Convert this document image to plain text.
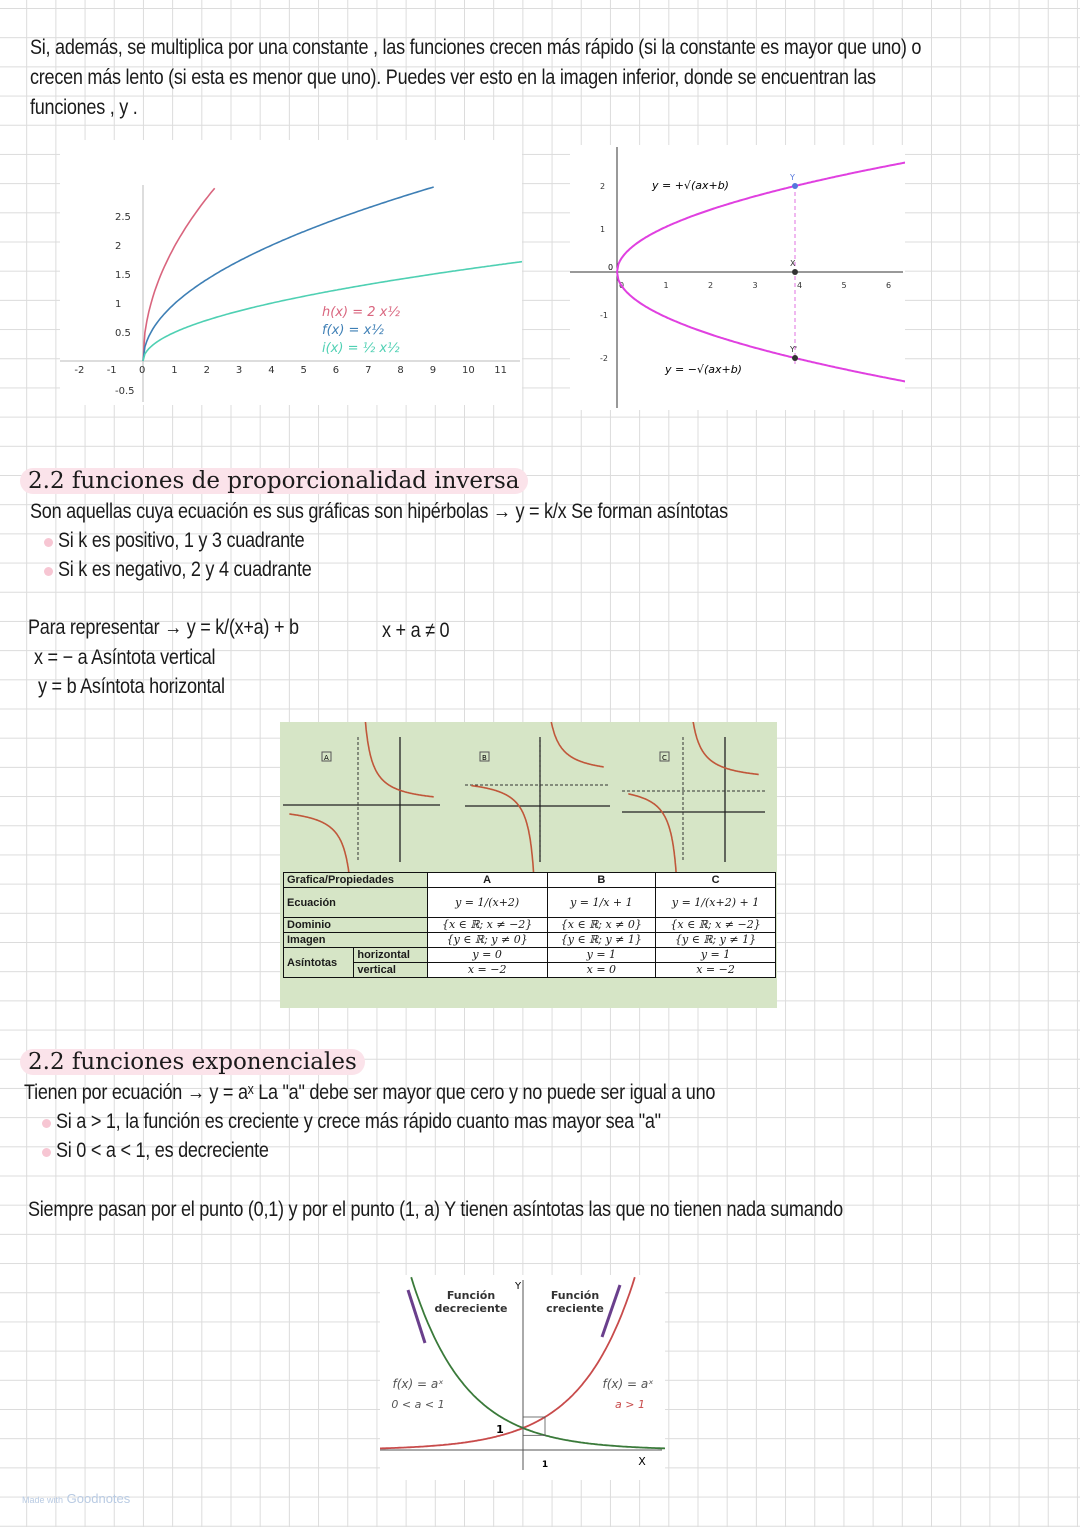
Si, además, se multiplica por una constante , las funciones crecen más rápido (si la constante es mayor que uno) o
crecen más lento (si esta es menor que uno). Puedes ver esto en la imagen inferior, donde se encuentran las
funciones , y .
-2 -1 0	1	2	3	4	5	6	7	8	9	10 11
2.5
2
1.5
1
0.5
-0.5
h(x) = 2 x½
f(x) = x½
i(x) = ½ x½
0	1	2	3	4	5	6
2
1
-1
-2
0
y = +√(ax+b)
y = −√(ax+b)
Y
X
Y'
2.2 funciones de proporcionalidad inversa
Son aquellas cuya ecuación es sus gráficas son hipérbolas → y = k/x Se forman asíntotas
Si k es positivo, 1 y 3 cuadrante
Si k es negativo, 2 y 4 cuadrante
Para representar → y = k/(x+a) + b	x + a ≠ 0
x = − a Asíntota vertical
y = b Asíntota horizontal
A	B	C
Grafica/Propiedades		A	B	C
Ecuación		y = 1/(x+2)	y = 1/x + 1	y = 1/(x+2) + 1
Dominio		{x ∈ ℝ; x ≠ −2}	{x ∈ ℝ; x ≠ 0}	{x ∈ ℝ; x ≠ −2}
Imagen		{y ∈ ℝ; y ≠ 0}	{y ∈ ℝ; y ≠ 1}	{y ∈ ℝ; y ≠ 1}
Asíntotas	horizontal	y = 0	y = 1	y = 1
	vertical	x = −2	x = 0	x = −2
2.2 funciones exponenciales
Tienen por ecuación → y = aˣ La "a" debe ser mayor que cero y no puede ser igual a uno
Si a > 1, la función es creciente y crece más rápido cuanto mas mayor sea "a"
Si 0 < a < 1, es decreciente
Siempre pasan por el punto (0,1) y por el punto (1, a) Y tienen asíntotas las que no tienen nada sumando
Función
decreciente
Función
creciente
f(x) = aˣ
0 < a < 1
f(x) = aˣ
a > 1
Y
X
1
1
Made with Goodnotes
